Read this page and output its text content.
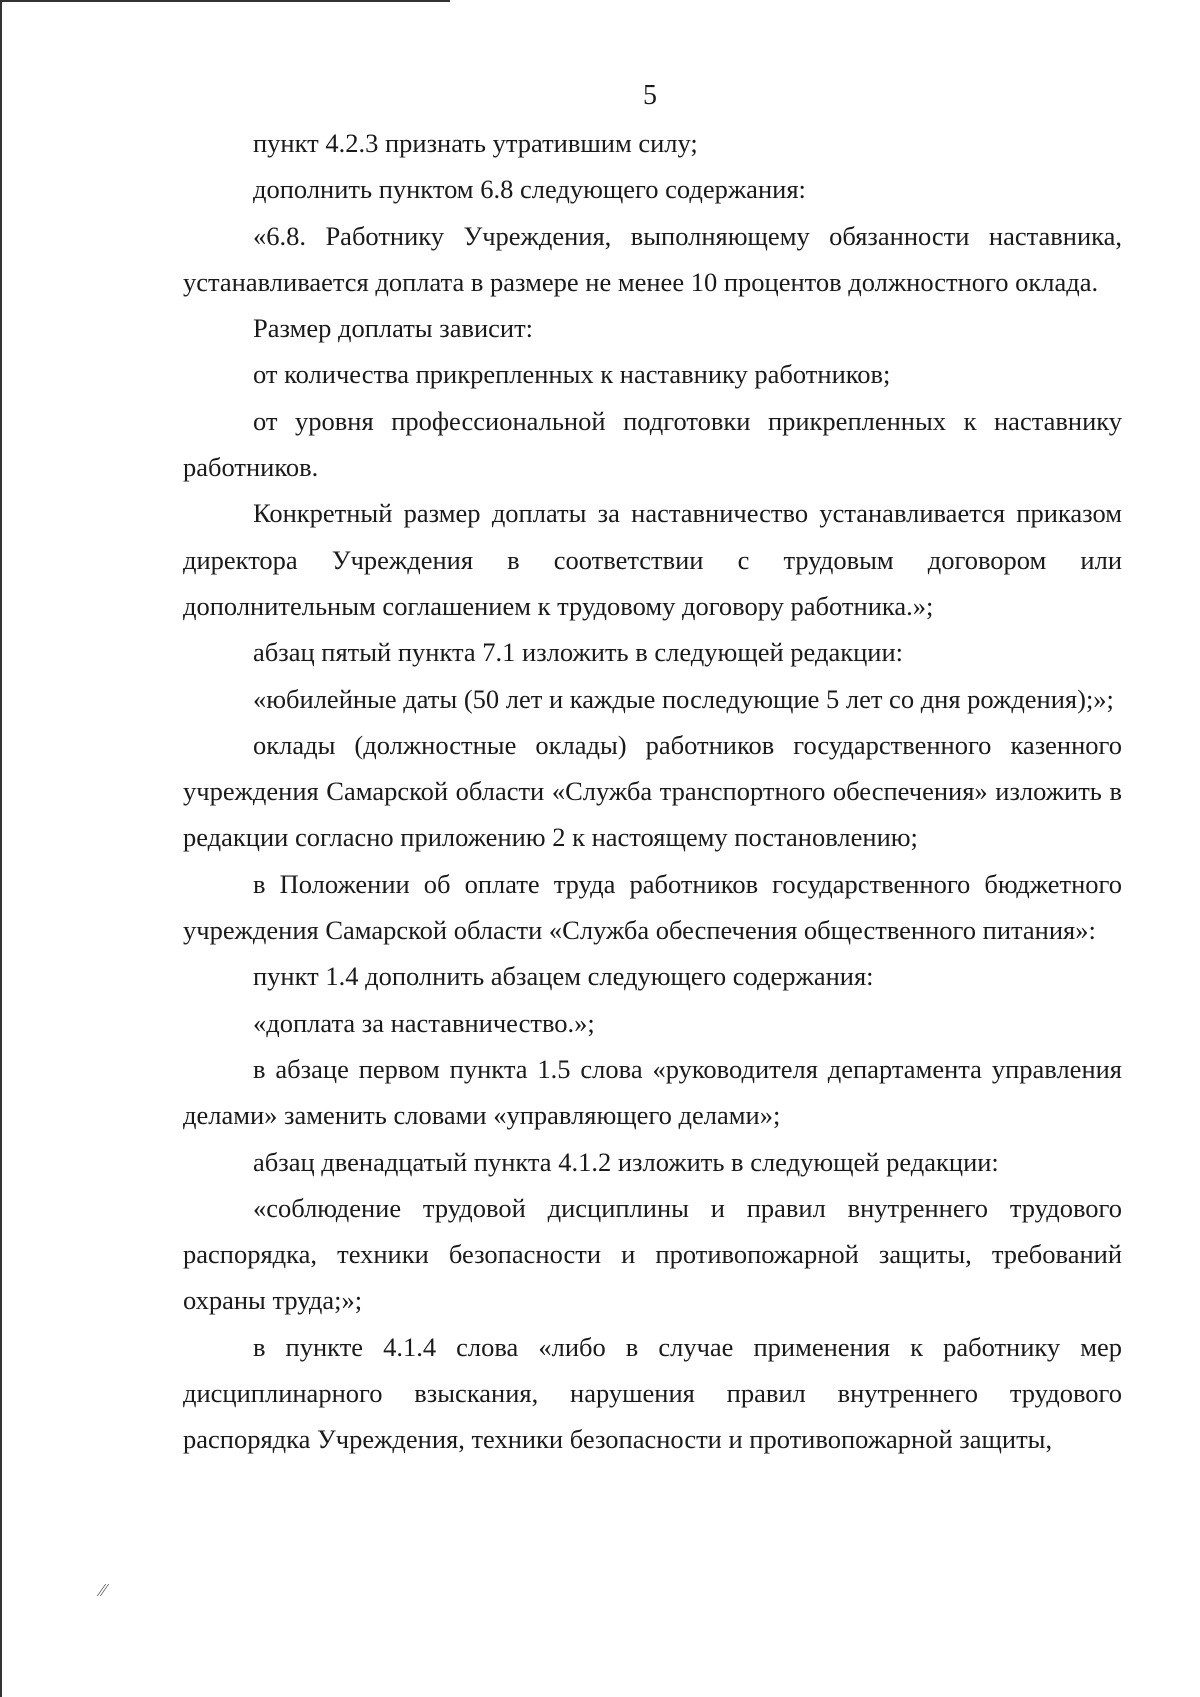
5

пункт 4.2.3 признать утратившим силу;

дополнить пунктом 6.8 следующего содержания:

«6.8. Работнику Учреждения, выполняющему обязанности наставника, устанавливается доплата в размере не менее 10 процентов должностного оклада.

Размер доплаты зависит:

от количества прикрепленных к наставнику работников;

от уровня профессиональной подготовки прикрепленных к наставнику работников.

Конкретный размер доплаты за наставничество устанавливается приказом директора Учреждения в соответствии с трудовым договором или дополнительным соглашением к трудовому договору работника.»;

абзац пятый пункта 7.1 изложить в следующей редакции:

«юбилейные даты (50 лет и каждые последующие 5 лет со дня рождения);»;

оклады (должностные оклады) работников государственного казенного учреждения Самарской области «Служба транспортного обеспечения» изложить в редакции согласно приложению 2 к настоящему постановлению;

в Положении об оплате труда работников государственного бюджетного учреждения Самарской области «Служба обеспечения общественного питания»:

пункт 1.4 дополнить абзацем следующего содержания:

«доплата за наставничество.»;

в абзаце первом пункта 1.5 слова «руководителя департамента управления делами» заменить словами «управляющего делами»;

абзац двенадцатый пункта 4.1.2 изложить в следующей редакции:

«соблюдение трудовой дисциплины и правил внутреннего трудового распорядка, техники безопасности и противопожарной защиты, требований охраны труда;»;

в пункте 4.1.4 слова «либо в случае применения к работнику мер дисциплинарного взыскания, нарушения правил внутреннего трудового распорядка Учреждения, техники безопасности и противопожарной защиты,

⁄⁄
